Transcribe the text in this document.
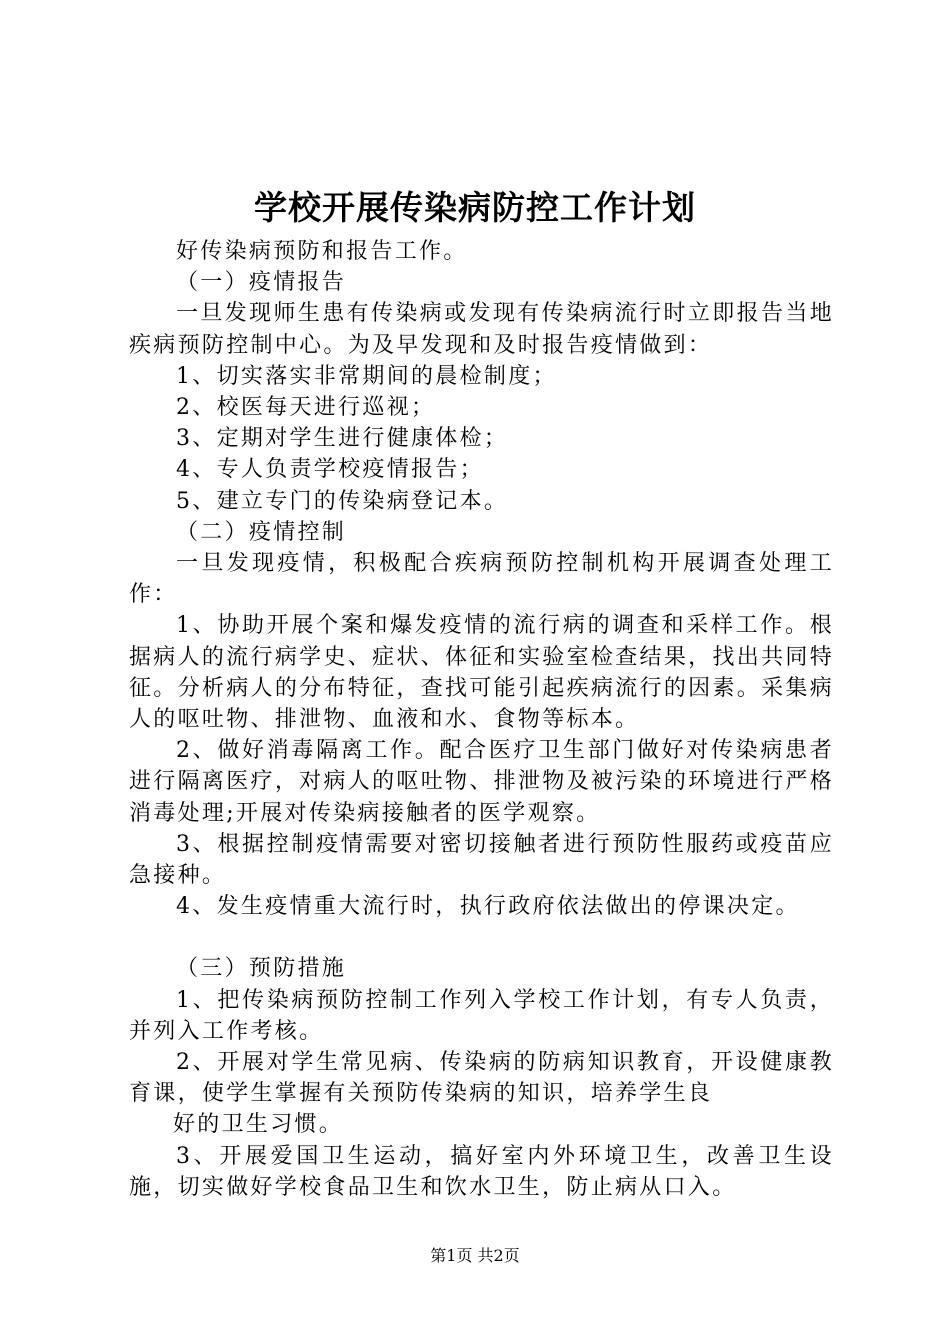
学校开展传染病防控工作计划

好传染病预防和报告工作。

（一）疫情报告

一旦发现师生患有传染病或发现有传染病流行时立即报告当地疾病预防控制中心。为及早发现和及时报告疫情做到：

1、切实落实非常期间的晨检制度；

2、校医每天进行巡视；

3、定期对学生进行健康体检；

4、专人负责学校疫情报告；

5、建立专门的传染病登记本。

（二）疫情控制

一旦发现疫情，积极配合疾病预防控制机构开展调查处理工作：

1、协助开展个案和爆发疫情的流行病的调查和采样工作。根据病人的流行病学史、症状、体征和实验室检查结果，找出共同特征。分析病人的分布特征，查找可能引起疾病流行的因素。采集病人的呕吐物、排泄物、血液和水、食物等标本。

2、做好消毒隔离工作。配合医疗卫生部门做好对传染病患者进行隔离医疗，对病人的呕吐物、排泄物及被污染的环境进行严格消毒处理;开展对传染病接触者的医学观察。

3、根据控制疫情需要对密切接触者进行预防性服药或疫苗应急接种。

4、发生疫情重大流行时，执行政府依法做出的停课决定。

（三）预防措施

1、把传染病预防控制工作列入学校工作计划，有专人负责，并列入工作考核。

2、开展对学生常见病、传染病的防病知识教育，开设健康教育课，使学生掌握有关预防传染病的知识，培养学生良

好的卫生习惯。

3、开展爱国卫生运动，搞好室内外环境卫生，改善卫生设施，切实做好学校食品卫生和饮水卫生，防止病从口入。

第1页 共2页
